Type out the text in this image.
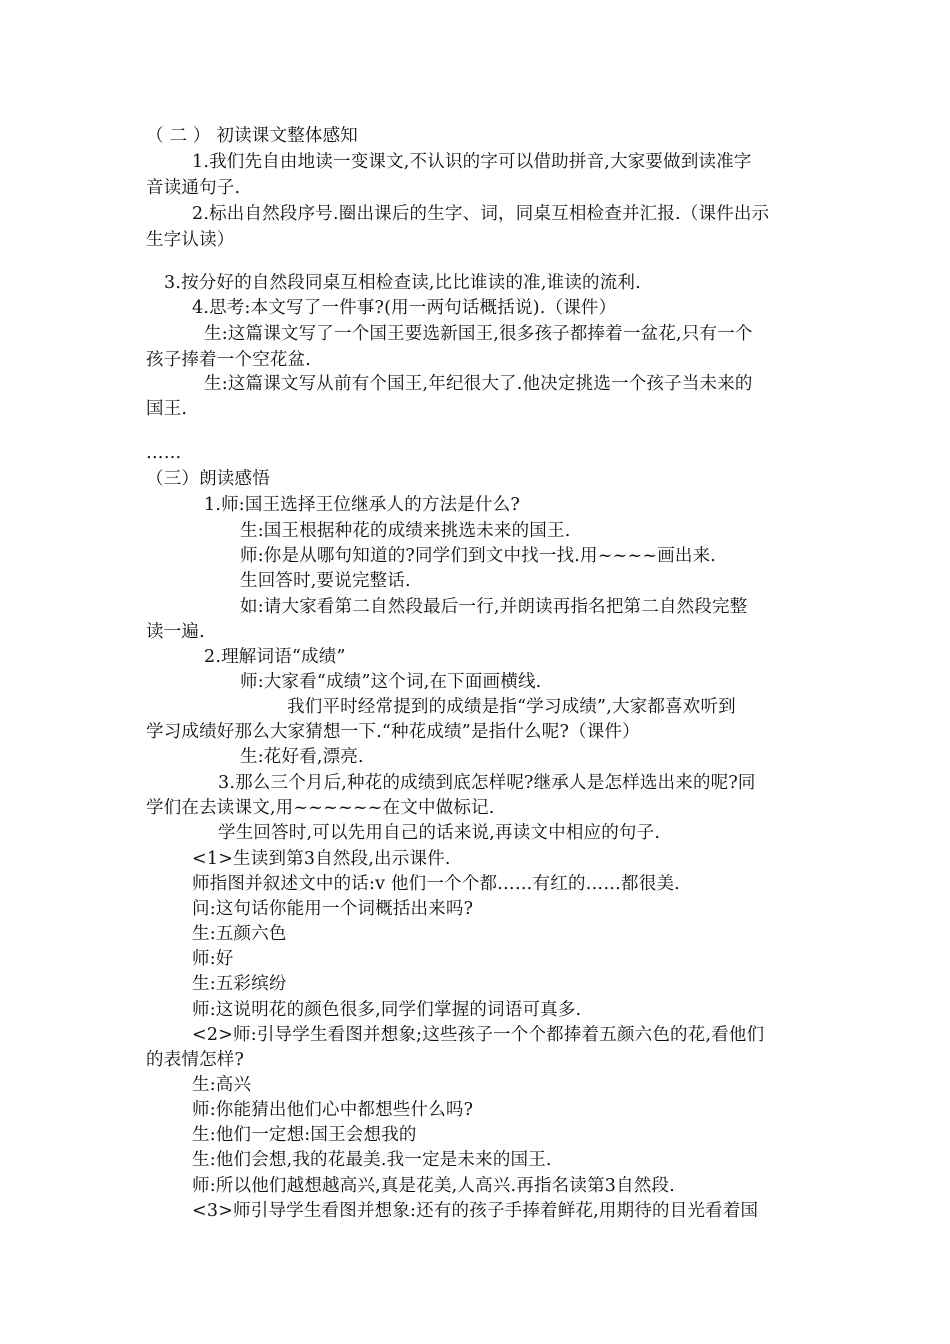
（ 二 ） 初读课文整体感知
1.我们先自由地读一变课文,不认识的字可以借助拼音,大家要做到读准字
音读通句子.
2.标出自然段序号.圈出课后的生字、词，同桌互相检查并汇报.（课件出示
生字认读）
3.按分好的自然段同桌互相检查读,比比谁读的准,谁读的流利.
4.思考:本文写了一件事?(用一两句话概括说).（课件）
生:这篇课文写了一个国王要选新国王,很多孩子都捧着一盆花,只有一个
孩子捧着一个空花盆.
生:这篇课文写从前有个国王,年纪很大了.他决定挑选一个孩子当未来的
国王.
……
（三）朗读感悟
1.师:国王选择王位继承人的方法是什么?
生:国王根据种花的成绩来挑选未来的国王.
师:你是从哪句知道的?同学们到文中找一找.用~~~~画出来.
生回答时,要说完整话.
如:请大家看第二自然段最后一行,并朗读再指名把第二自然段完整
读一遍.
2.理解词语“成绩”
师:大家看“成绩”这个词,在下面画横线.
我们平时经常提到的成绩是指“学习成绩”,大家都喜欢听到
学习成绩好那么大家猜想一下.“种花成绩”是指什么呢?（课件）
生:花好看,漂亮.
3.那么三个月后,种花的成绩到底怎样呢?继承人是怎样选出来的呢?同
学们在去读课文,用~~~~~~在文中做标记.
学生回答时,可以先用自己的话来说,再读文中相应的句子.
<1>生读到第3自然段,出示课件.
师指图并叙述文中的话:v 他们一个个都……有红的……都很美.
问:这句话你能用一个词概括出来吗?
生:五颜六色
师:好
生:五彩缤纷
师:这说明花的颜色很多,同学们掌握的词语可真多.
<2>师:引导学生看图并想象;这些孩子一个个都捧着五颜六色的花,看他们
的表情怎样?
生:高兴
师:你能猜出他们心中都想些什么吗?
生:他们一定想:国王会想我的
生:他们会想,我的花最美.我一定是未来的国王.
师:所以他们越想越高兴,真是花美,人高兴.再指名读第3自然段.
<3>师引导学生看图并想象:还有的孩子手捧着鲜花,用期待的目光看着国
